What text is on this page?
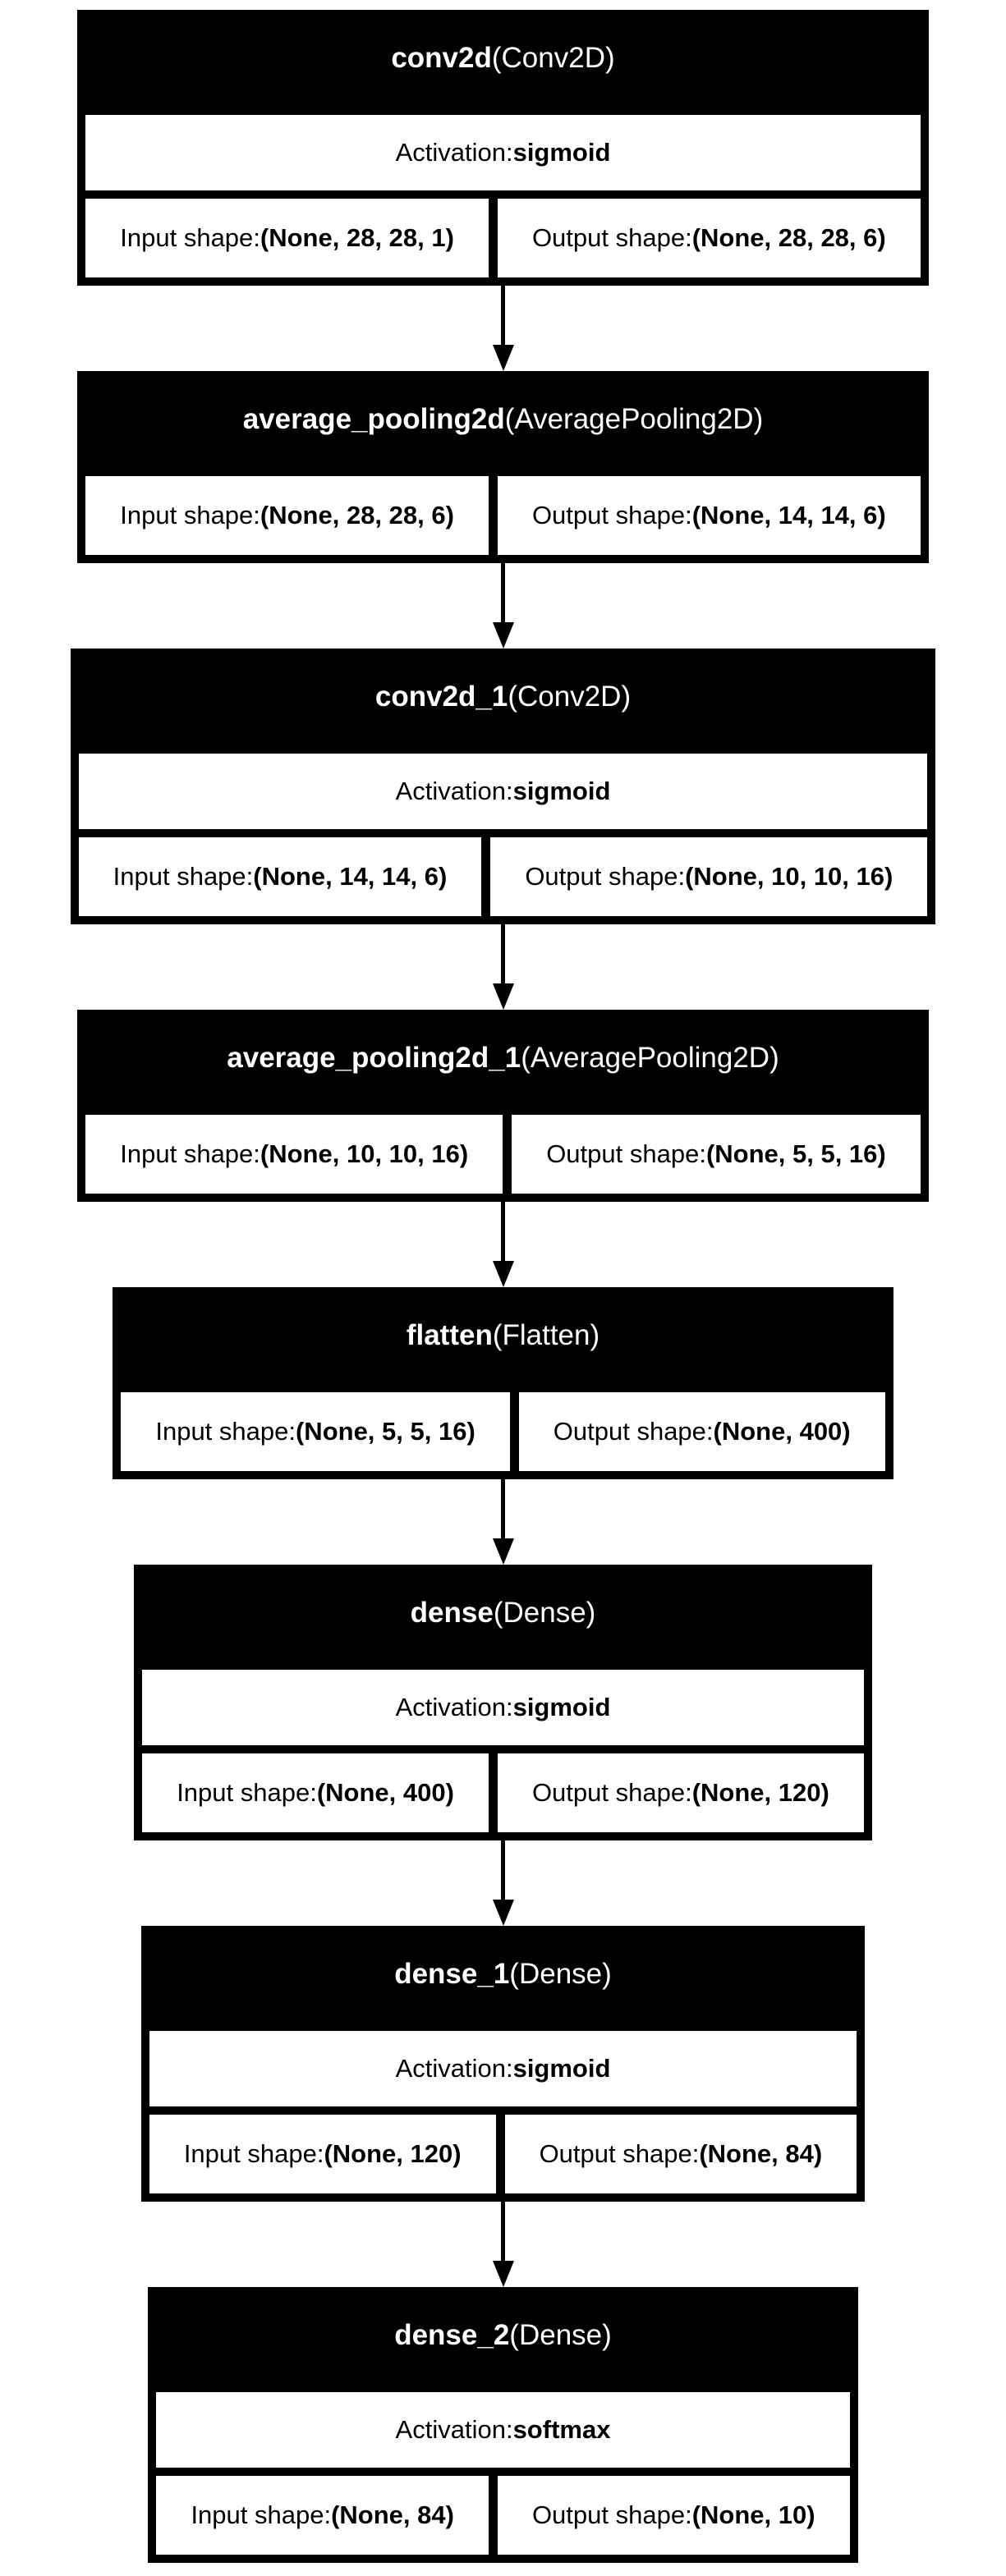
conv2d (Conv2D)
Activation: sigmoid
Input shape: (None, 28, 28, 1)	Output shape: (None, 28, 28, 6)
average_pooling2d (AveragePooling2D)
Input shape: (None, 28, 28, 6)	Output shape: (None, 14, 14, 6)
conv2d_1 (Conv2D)
Activation: sigmoid
Input shape: (None, 14, 14, 6)	Output shape: (None, 10, 10, 16)
average_pooling2d_1 (AveragePooling2D)
Input shape: (None, 10, 10, 16)	Output shape: (None, 5, 5, 16)
flatten (Flatten)
Input shape: (None, 5, 5, 16)	Output shape: (None, 400)
dense (Dense)
Activation: sigmoid
Input shape: (None, 400)	Output shape: (None, 120)
dense_1 (Dense)
Activation: sigmoid
Input shape: (None, 120)	Output shape: (None, 84)
dense_2 (Dense)
Activation: softmax
Input shape: (None, 84)	Output shape: (None, 10)
